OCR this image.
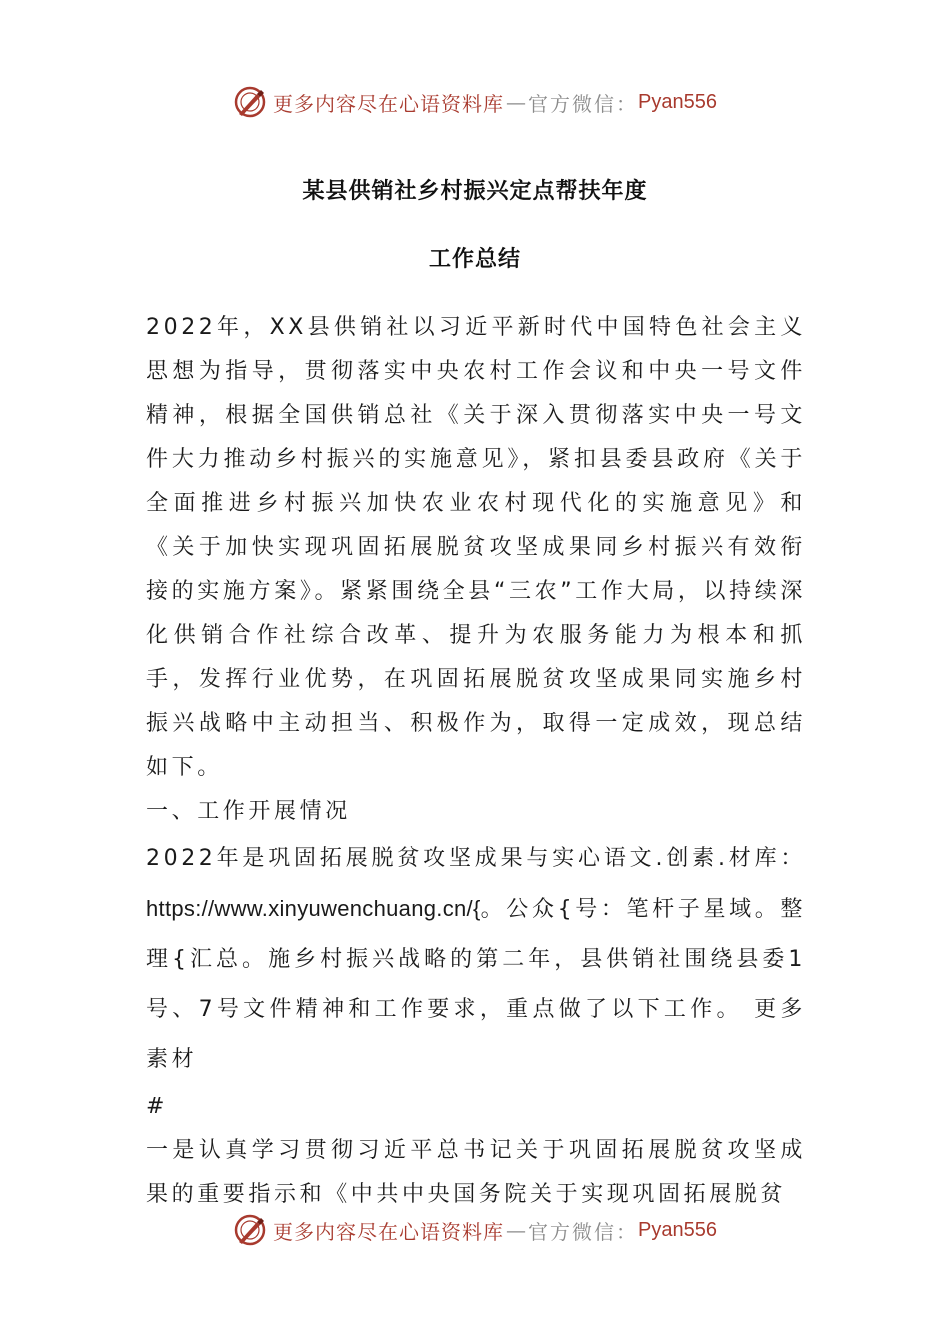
更多内容尽在心语资料库 — 官方微信： Pyan556
某县供销社乡村振兴定点帮扶年度
工作总结

2022年，XX县供销社以习近平新时代中国特色社会主义思想为指导，贯彻落实中央农村工作会议和中央一号文件精神，根据全国供销总社《关于深入贯彻落实中央一号文件大力推动乡村振兴的实施意见》，紧扣县委县政府《关于全面推进乡村振兴加快农业农村现代化的实施意见》和《关于加快实现巩固拓展脱贫攻坚成果同乡村振兴有效衔接的实施方案》。紧紧围绕全县“三农”工作大局，以持续深化供销合作社综合改革、提升为农服务能力为根本和抓手，发挥行业优势，在巩固拓展脱贫攻坚成果同实施乡村振兴战略中主动担当、积极作为，取得一定成效，现总结如下。

一、工作开展情况

2022年是巩固拓展脱贫攻坚成果与实心语文.创素.材库：https://www.xinyuwenchuang.cn/{。公众{号：笔杆子星域。整理{汇总。施乡村振兴战略的第二年，县供销社围绕县委1号、7号文件精神和工作要求，重点做了以下工作。 更多素材

#

一是认真学习贯彻习近平总书记关于巩固拓展脱贫攻坚成果的重要指示和《中共中央国务院关于实现巩固拓展脱贫

更多内容尽在心语资料库 — 官方微信： Pyan556
